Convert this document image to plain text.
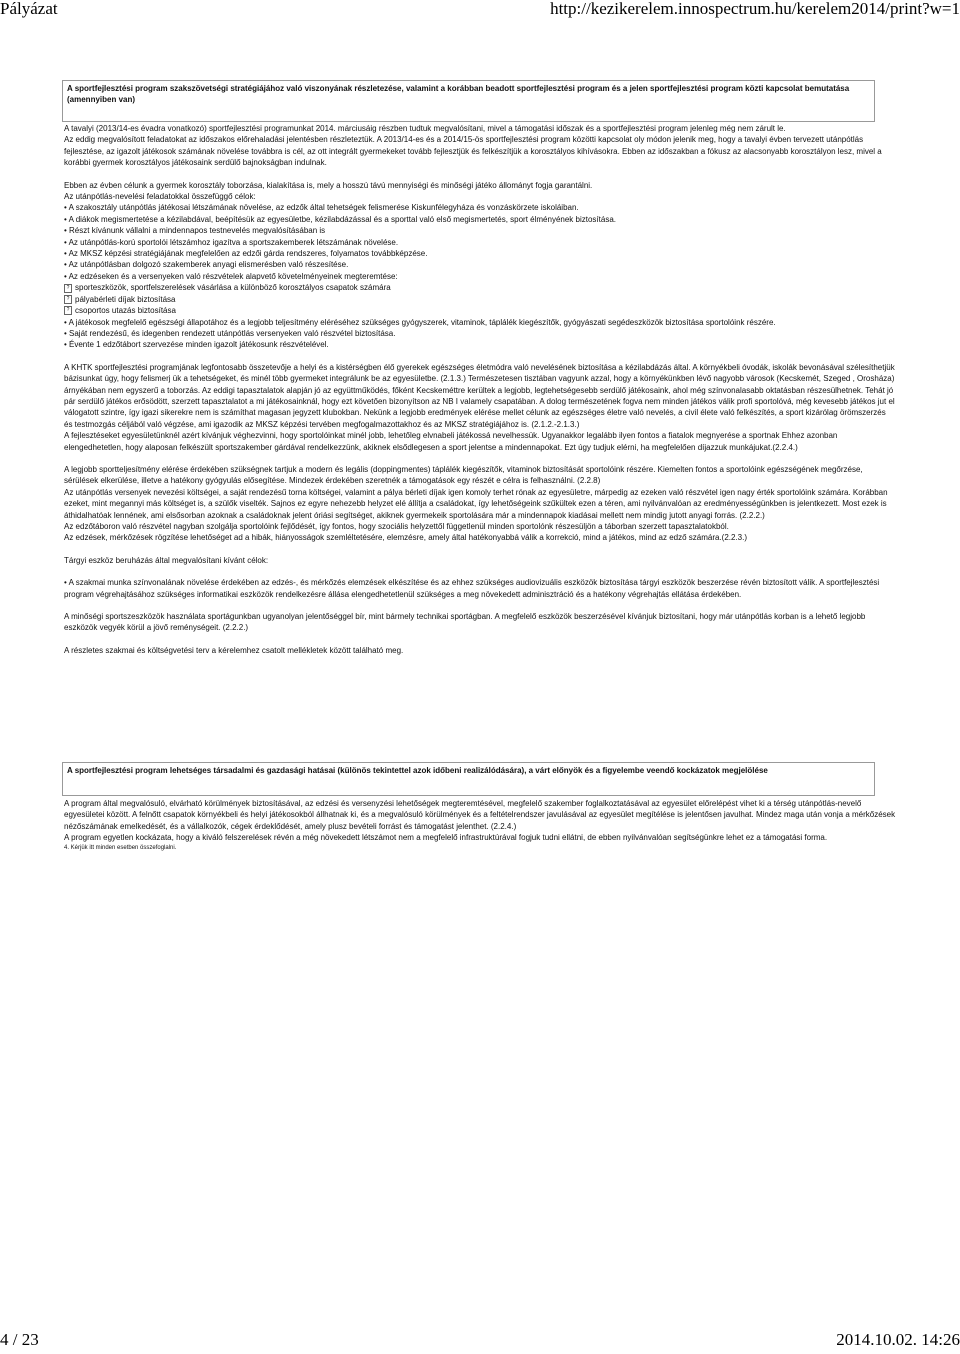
Pályázat	http://kezikerelem.innospectrum.hu/kerelem2014/print?w=1
A sportfejlesztési program szakszövetségi stratégiájához való viszonyának részletezése, valamint a korábban beadott sportfejlesztési program és a jelen sportfejlesztési program közti kapcsolat bemutatása (amennyiben van)

A tavalyi (2013/14-es évadra vonatkozó) sportfejlesztési programunkat 2014. márciusáig részben tudtuk megvalósítani, mivel a támogatási időszak és a sportfejlesztési program jelenleg még nem zárult le.

Az eddig megvalósított feladatokat az időszakos előrehaladási jelentésben részleteztük. A 2013/14-es és a 2014/15-ös sportfejlesztési program közötti kapcsolat oly módon jelenik meg, hogy a tavalyi évben tervezett utánpótlás fejlesztése, az igazolt játékosok számának növelése továbbra is cél, az ott integrált gyermekeket tovább fejlesztjük és felkészítjük a korosztályos kihívásokra. Ebben az időszakban a fókusz az alacsonyabb korosztályon lesz, mivel a korábbi gyermek korosztályos játékosaink serdülő bajnokságban indulnak.

Ebben az évben célunk a gyermek korosztály toborzása, kialakítása is, mely a hosszú távú mennyiségi és minőségi játéko állományt fogja garantálni.

Az utánpótlás-nevelési feladatokkal összefüggő célok:

• A szakosztály utánpótlás játékosai létszámának növelése, az edzők által tehetségek felismerése Kiskunfélegyháza és vonzáskörzete iskoláiban.

• A diákok megismertetése a kézilabdával, beépítésük az egyesületbe, kézilabdázással és a sporttal való első megismertetés, sport élményének biztosítása.

• Részt kívánunk vállalni a mindennapos testnevelés megvalósításában is

• Az utánpótlás-korú sportolói létszámhoz igazítva a sportszakemberek létszámának növelése.

• Az MKSZ képzési stratégiájának megfelelően az edzői gárda rendszeres, folyamatos továbbképzése.

• Az utánpótlásban dolgozó szakemberek anyagi elismerésben való részesítése.

• Az edzéseken és a versenyeken való részvételek alapvető követelményeinek megteremtése:

? sporteszközök, sportfelszerelések vásárlása a különböző korosztályos csapatok számára

? pályabérleti díjak biztosítása

? csoportos utazás biztosítása

• A játékosok megfelelő egészségi állapotához és a legjobb teljesítmény eléréséhez szükséges gyógyszerek, vitaminok, táplálék kiegészítők, gyógyászati segédeszközök biztosítása sportolóink részére.

• Saját rendezésű, és idegenben rendezett utánpótlás versenyeken való részvétel biztosítása.

• Évente 1 edzőtábort szervezése minden igazolt játékosunk részvételével.

A KHTK sportfejlesztési programjának legfontosabb összetevője a helyi és a kistérségben élő gyerekek egészséges életmódra való nevelésének biztosítása a kézilabdázás által. A környékbeli óvodák, iskolák bevonásával szélesíthetjük bázisunkat úgy, hogy felismerj ük a tehetségeket, és minél több gyermeket integrálunk be az egyesületbe. (2.1.3.) Természetesen tisztában vagyunk azzal, hogy a környékünkben lévő nagyobb városok (Kecskemét, Szeged , Orosháza) árnyékában nem egyszerű a toborzás. Az eddigi tapasztalatok alapján jó az együttműködés, főként Kecskeméttre kerültek a legjobb, legtehetségesebb serdülő játékosaink, ahol még színvonalasabb oktatásban részesülhetnek. Tehát jó pár serdülő játékos erősödött, szerzett tapasztalatot a mi játékosainknál, hogy ezt követően bizonyítson az NB I valamely csapatában. A dolog természetének fogva nem minden játékos válik profi sportolóvá, még kevesebb játékos jut el válogatott szintre, így igazi sikerekre nem is számíthat magasan jegyzett klubokban. Nekünk a legjobb eredmények elérése mellet célunk az egészséges életre való nevelés, a civil élete való felkészítés, a sport kizárólag örömszerzés és testmozgás céljából való végzése, ami igazodik az MKSZ képzési tervében megfogalmazottakhoz és az MKSZ stratégiájához is. (2.1.2.-2.1.3.)

A fejlesztéseket egyesületünknél azért kívánjuk véghezvinni, hogy sportolóinkat minél jobb, lehetőleg elvnabeli játékossá nevelhessük. Ugyanakkor legalább ilyen fontos a fiatalok megnyerése a sportnak Ehhez azonban elengedhetetlen, hogy alaposan felkészült sportszakember gárdával rendelkezzünk, akiknek elsődlegesen a sport jelentse a mindennapokat. Ezt úgy tudjuk elérni, ha megfelelően díjazzuk munkájukat.(2.2.4.)

A legjobb sportteljesítmény elérése érdekében szükségnek tartjuk a modern és legális (doppingmentes) táplálék kiegészítők, vitaminok biztosítását sportolóink részére. Kiemelten fontos a sportolóink egészségének megőrzése, sérülések elkerülése, illetve a hatékony gyógyulás elősegítése. Mindezek érdekében szeretnék a támogatások egy részét e célra is felhasználni. (2.2.8)

Az utánpótlás versenyek nevezési költségei, a saját rendezésű torna költségei, valamint a pálya bérleti díjak igen komoly terhet rónak az egyesületre, márpedig az ezeken való részvétel igen nagy érték sportolóink számára. Korábban ezeket, mint megannyi más költséget is, a szülők viselték. Sajnos ez egyre nehezebb helyzet elé állítja a családokat, így lehetőségeink szűkültek ezen a téren, ami nyilvánvalóan az eredményességünkben is jelentkezett. Most ezek is áthidalhatóak lennének, ami elsősorban azoknak a családoknak jelent óriási segítséget, akiknek gyermekeik sportolására már a mindennapok kiadásai mellett nem mindig jutott anyagi forrás. (2.2.2.)

Az edzőtáboron való részvétel nagyban szolgálja sportolóink fejlődését, így fontos, hogy szociális helyzettől függetlenül minden sportolónk részesüljön a táborban szerzett tapasztalatokból.

Az edzések, mérkőzések rögzítése lehetőséget ad a hibák, hiányosságok szemléltetésére, elemzésre, amely által hatékonyabbá válik a korrekció, mind a játékos, mind az edző számára.(2.2.3.)

Tárgyi eszköz beruházás által megvalósítani kívánt célok:

• A szakmai munka színvonalának növelése érdekében az edzés-, és mérkőzés elemzések elkészítése és az ehhez szükséges audiovizuális eszközök biztosítása tárgyi eszközök beszerzése révén biztosított válik. A sportfejlesztési program végrehajtásához szükséges informatikai eszközök rendelkezésre állása elengedhetetlenül szükséges a meg növekedett adminisztráció és a hatékony végrehajtás ellátása érdekében.

A minőségi sportszeszközök használata sportágunkban ugyanolyan jelentőséggel bír, mint bármely technikai sportágban. A megfelelő eszközök beszerzésével kívánjuk biztosítani, hogy már utánpótlás korban is a lehető legjobb eszközök vegyék körül a jövő reménységeit. (2.2.2.)

A részletes szakmai és költségvetési terv a kérelemhez csatolt mellékletek között található meg.

A sportfejlesztési program lehetséges társadalmi és gazdasági hatásai (különös tekintettel azok időbeni realizálódására), a várt előnyök és a figyelembe veendő kockázatok megjelölése

A program által megvalósuló, elvárható körülmények biztosításával, az edzési és versenyzési lehetőségek megteremtésével, megfelelő szakember foglalkoztatásával az egyesület előrelépést vihet ki a térség utánpótlás-nevelő egyesületei között. A felnőtt csapatok környékbeli és helyi játékosokból állhatnak ki, és a megvalósuló körülmények és a feltételrendszer javulásával az egyesület megítélése is jelentősen javulhat. Mindez maga után vonja a mérkőzések nézőszámának emelkedését, és a vállalkozók, cégek érdeklődését, amely plusz bevételi forrást és támogatást jelenthet. (2.2.4.)

A program egyetlen kockázata, hogy a kiváló felszerelések révén a még növekedett létszámot nem a megfelelő infrastruktúrával fogjuk tudni ellátni, de ebben nyilvánvalóan segítségünkre lehet ez a támogatási forma.

4. Kérjük itt minden esetben összefoglalni.

4 / 23	2014.10.02. 14:26
